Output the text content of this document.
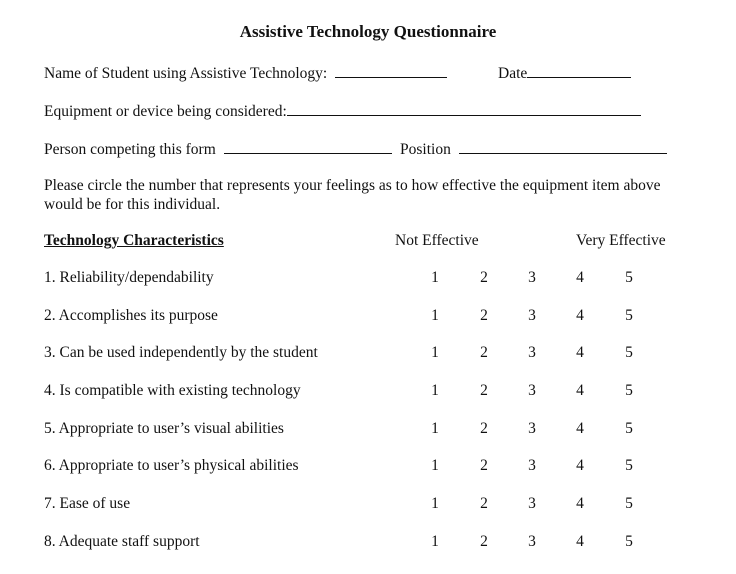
Assistive Technology Questionnaire
Name of Student using Assistive Technology:	Date
Equipment or device being considered:
Person competing this form	Position
Please circle the number that represents your feelings as to how effective the equipment item above would be for this individual.
Technology Characteristics	Not Effective	Very Effective
1. Reliability/dependability	1	2	3	4	5
2. Accomplishes its purpose	1	2	3	4	5
3. Can be used independently by the student	1	2	3	4	5
4. Is compatible with existing technology	1	2	3	4	5
5. Appropriate to user’s visual abilities	1	2	3	4	5
6. Appropriate to user’s physical abilities	1	2	3	4	5
7. Ease of use	1	2	3	4	5
8. Adequate staff support	1	2	3	4	5
